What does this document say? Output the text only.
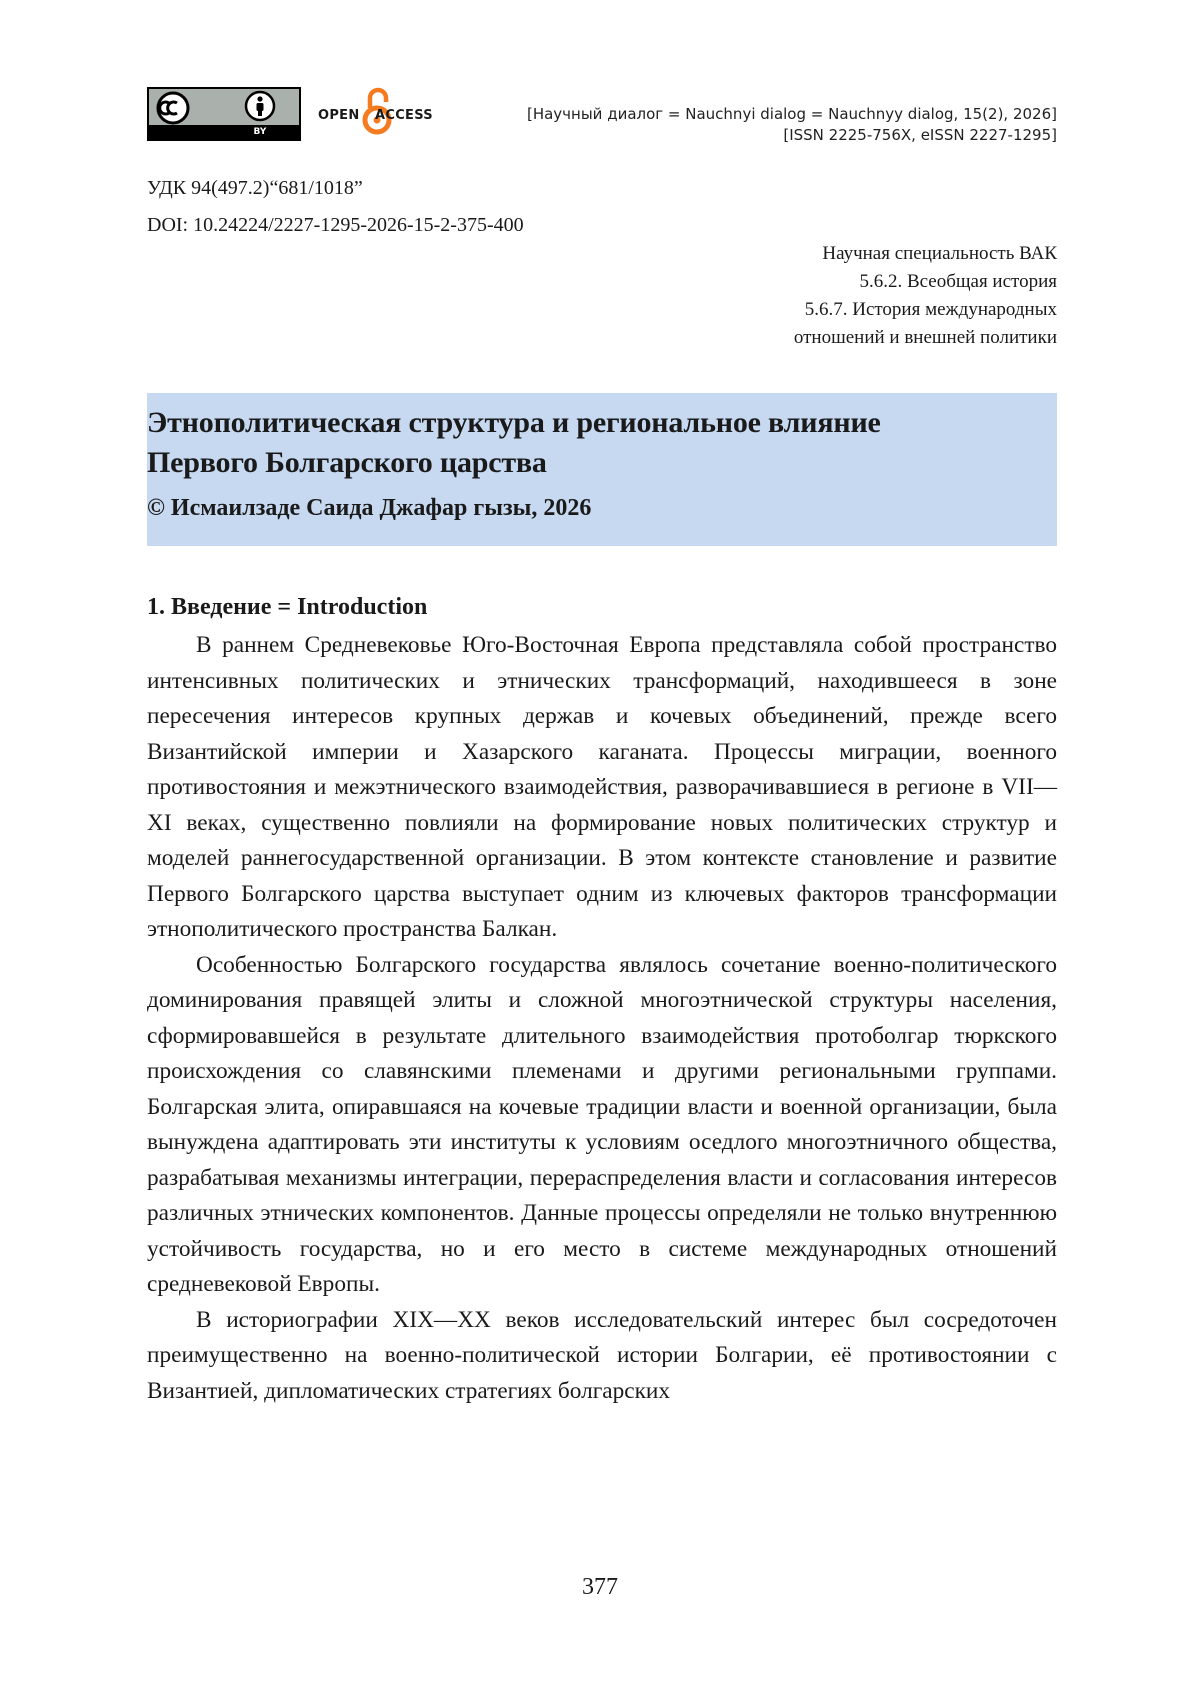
BY
OPEN ACCESS	[Научный диалог = Nauchnyi dialog = Nauchnyy dialog, 15(2), 2026]
[ISSN 2225-756X, eISSN 2227-1295]
УДК 94(497.2)“681/1018”
DOI: 10.24224/2227-1295-2026-15-2-375-400
Научная специальность ВАК
5.6.2. Всеобщая история
5.6.7. История международных
отношений и внешней политики
Этнополитическая структура и региональное влияние
Первого Болгарского царства
© Исмаилзаде Саида Джафар гызы, 2026
1. Введение = Introduction

В раннем Средневековье Юго-Восточная Европа представляла собой пространство интенсивных политических и этнических трансформаций, находившееся в зоне пересечения интересов крупных держав и кочевых объединений, прежде всего Византийской империи и Хазарского каганата. Процессы миграции, военного противостояния и межэтнического взаимодействия, разворачивавшиеся в регионе в VII—XI веках, существенно повлияли на формирование новых политических структур и моделей раннегосударственной организации. В этом контексте становление и развитие Первого Болгарского царства выступает одним из ключевых факторов трансформации этнополитического пространства Балкан.

Особенностью Болгарского государства являлось сочетание военно-политического доминирования правящей элиты и сложной многоэтнической структуры населения, сформировавшейся в результате длительного взаимодействия протоболгар тюркского происхождения со славянскими племенами и другими региональными группами. Болгарская элита, опиравшаяся на кочевые традиции власти и военной организации, была вынуждена адаптировать эти институты к условиям оседлого многоэтничного общества, разрабатывая механизмы интеграции, перераспределения власти и согласования интересов различных этнических компонентов. Данные процессы определяли не только внутреннюю устойчивость государства, но и его место в системе международных отношений средневековой Европы.

В историографии XIX—XX веков исследовательский интерес был сосредоточен преимущественно на военно-политической истории Болгарии, её противостоянии с Византией, дипломатических стратегиях болгарских

377
